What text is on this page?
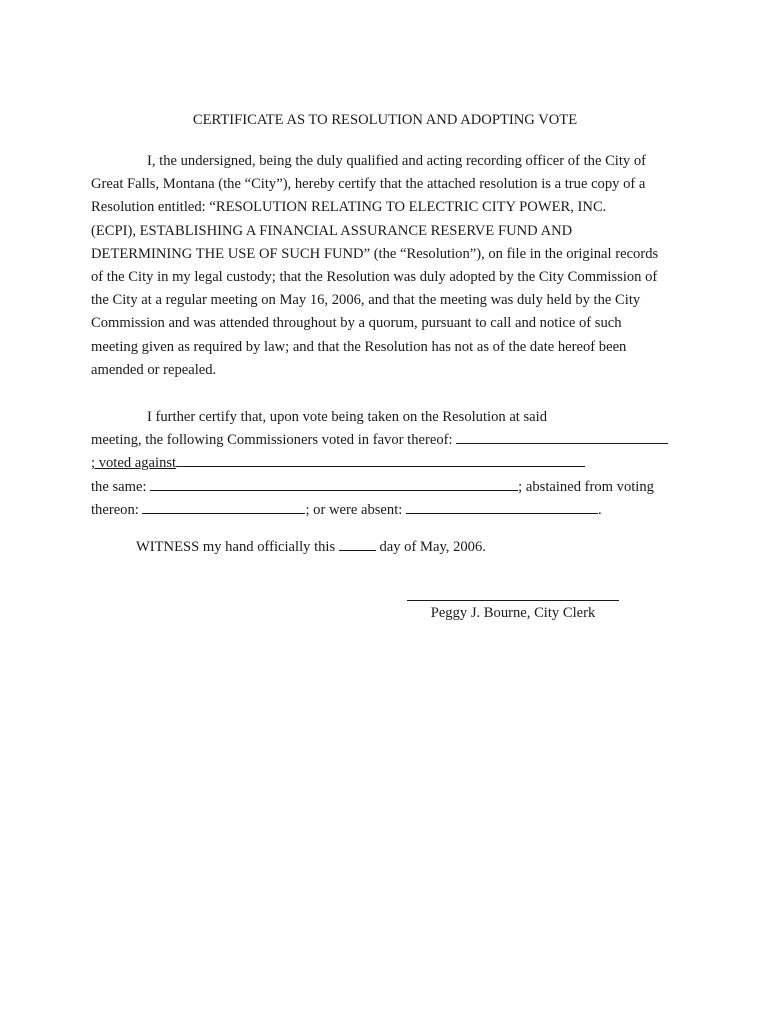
CERTIFICATE AS TO RESOLUTION AND ADOPTING VOTE
I, the undersigned, being the duly qualified and acting recording officer of the City of
Great Falls, Montana (the “City”), hereby certify that the attached resolution is a true copy of a
Resolution entitled: “RESOLUTION RELATING TO ELECTRIC CITY POWER, INC.
(ECPI), ESTABLISHING A FINANCIAL ASSURANCE RESERVE FUND AND
DETERMINING THE USE OF SUCH FUND” (the “Resolution”), on file in the original records
of the City in my legal custody; that the Resolution was duly adopted by the City Commission of
the City at a regular meeting on May 16, 2006, and that the meeting was duly held by the City
Commission and was attended throughout by a quorum, pursuant to call and notice of such
meeting given as required by law; and that the Resolution has not as of the date hereof been
amended or repealed.
I further certify that, upon vote being taken on the Resolution at said
meeting, the following Commissioners voted in favor thereof:
; voted against
the same:	; abstained from voting
thereon:	; or were absent:	.
WITNESS my hand officially this	day of May, 2006.
Peggy J. Bourne, City Clerk
